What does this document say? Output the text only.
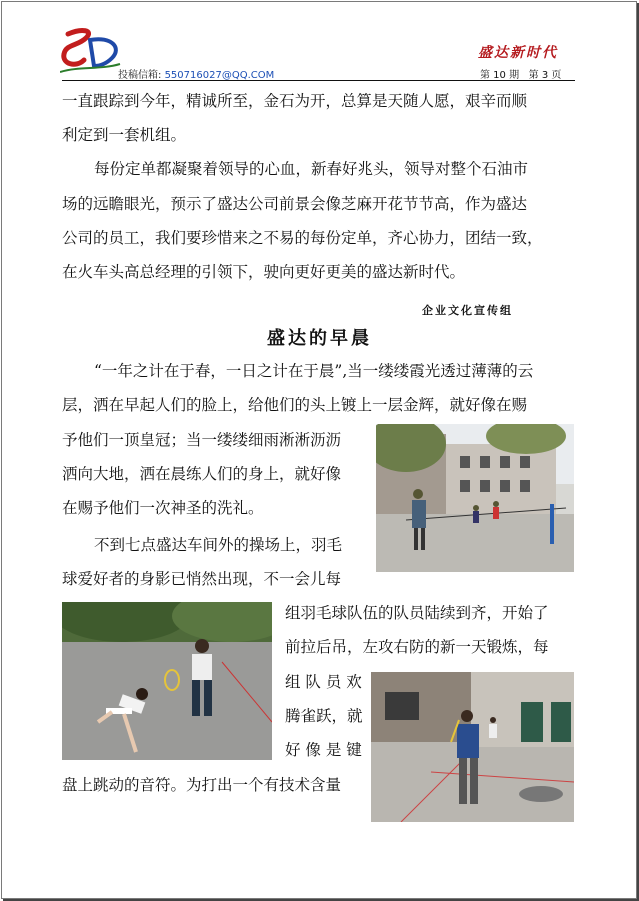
投稿信箱: 550716027@QQ.COM
盛达新时代
第 10 期 第 3 页
一直跟踪到今年，精诚所至，金石为开，总算是天随人愿，艰辛而顺
利定到一套机组。
每份定单都凝聚着领导的心血，新春好兆头，领导对整个石油市
场的远瞻眼光，预示了盛达公司前景会像芝麻开花节节高，作为盛达
公司的员工，我们要珍惜来之不易的每份定单，齐心协力，团结一致，
在火车头高总经理的引领下，驶向更好更美的盛达新时代。
企业文化宣传组
盛达的早晨
“一年之计在于春，一日之计在于晨”,当一缕缕霞光透过薄薄的云
层，洒在早起人们的脸上，给他们的头上镀上一层金辉，就好像在赐
予他们一顶皇冠；当一缕缕细雨淅淅沥沥
洒向大地，洒在晨练人们的身上，就好像
在赐予他们一次神圣的洗礼。
不到七点盛达车间外的操场上，羽毛
球爱好者的身影已悄然出现，不一会儿每
组羽毛球队伍的队员陆续到齐，开始了
前拉后吊，左攻右防的新一天锻炼，每
组 队 员 欢
腾雀跃，就
好 像 是 键
盘上跳动的音符。为打出一个有技术含量
